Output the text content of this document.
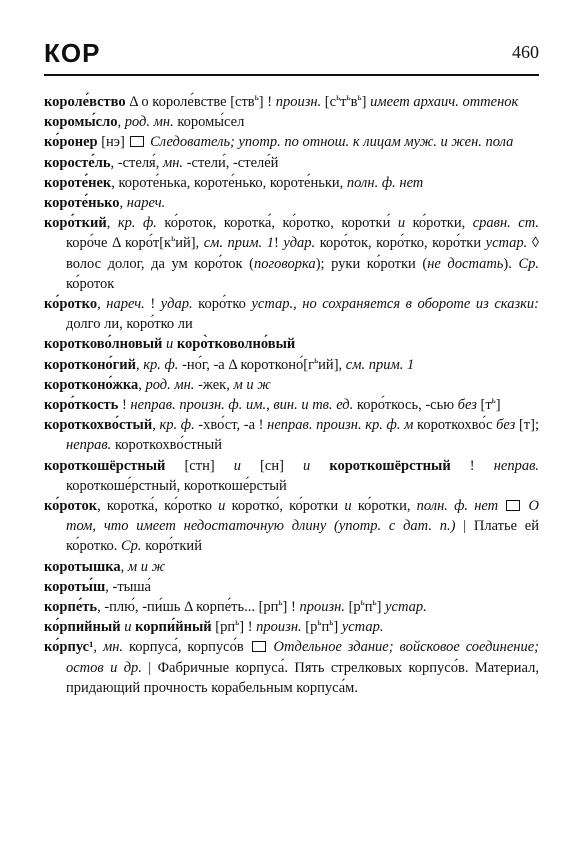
КОР	460
короле́вство Δ о короле́встве [ств$^ь$] ! произн. $[с^ьт^ьв^ь]$ имеет архаич. оттенок
коромы́сло, род. мн. коромы́сел
ко́ронер [нэ]  Следователь; употр. по отнош. к лицам муж. и жен. пола
коросте́ль, -стеля́, мн. -стели́, -стеле́й
короте́нек, короте́нька, короте́нько, короте́ньки, полн. ф. нет
короте́нько, нареч.
коро́ткий, кр. ф. ко́роток, коротка́, ко́ротко, коротки́ и ко́ротки, сравн. ст. коро́че Δ $коро́т[к^ьий]$, см. прим. 1! удар. коро́ток, коро́тко, коро́тки устар. ◊ волос долог, да ум коро́ток (поговорка); руки ко́ротки (не достать). Ср. ко́роток
ко́ротко, нареч. ! удар. коро́тко устар., но сохраняется в обороте из сказки: долго ли, коро́тко ли
коротково́лновый и коро̀тковолно́вый
коротконо́гий, кр. ф. -но́г, -а Δ $коротконо́[г^ьий]$, см. прим. 1
коротконо́жка, род. мн. -жек, м и ж
коро́ткость ! неправ. произн. ф. им., вин. и тв. ед. коро́ткось, -сью без $[т^ь]$
короткохво́стый, кр. ф. -хво́ст, -а ! неправ. произн. кр. ф. м короткохво́с без [т]; неправ. короткохво́стный
короткошёрстный [стн] и [сн] и короткошёрстный ! неправ. короткоше́рстный, короткоше́рстый
ко́роток, коротка́, ко́ротко и коротко́, ко́ротки и ко́ротки, полн. ф. нет  О том, что имеет недостаточную длину (употр. с дат. п.) | Платье ей ко́ротко. Ср. коро́ткий
коротышка, м и ж
короты́ш, -тыша́
корпе́ть, -плю́, -пи́шь Δ корпе́ть... $[рп^ь]$ ! произн. $[р^ьп^ь]$ устар.
ко́рпийный и корпи́йный $[рп^ь]$ ! произн. $[р^ьп^ь]$ устар.
ко́рпус¹, мн. корпуса́, корпусо́в  Отдельное здание; войсковое соединение; остов и др. | Фабричные корпуса́. Пять стрелковых корпусо́в. Материал, придающий прочность корабельным корпуса́м.
